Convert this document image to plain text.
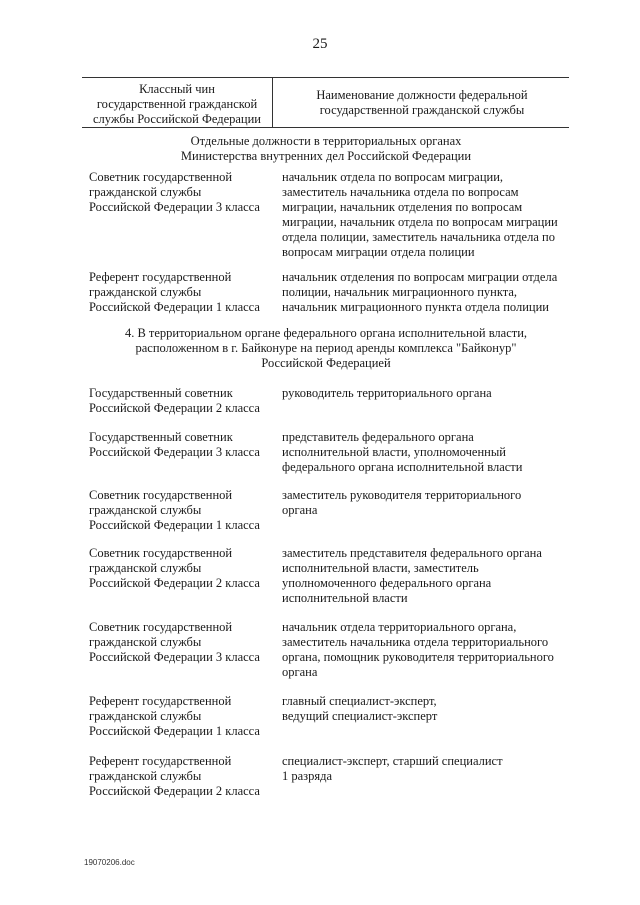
25
Классный чин
государственной гражданской
службы Российской Федерации
Наименование должности федеральной
государственной гражданской службы
Отдельные должности в территориальных органах
Министерства внутренних дел Российской Федерации
Советник государственной
гражданской службы
Российской Федерации 3 класса
начальник отдела по вопросам миграции,
заместитель начальника отдела по вопросам
миграции, начальник отделения по вопросам
миграции, начальник отдела по вопросам миграции
отдела полиции, заместитель начальника отдела по
вопросам миграции отдела полиции
Референт государственной
гражданской службы
Российской Федерации 1 класса
начальник отделения по вопросам миграции отдела
полиции, начальник миграционного пункта,
начальник миграционного пункта отдела полиции
4. В территориальном органе федерального органа исполнительной власти,
расположенном в г. Байконуре на период аренды комплекса "Байконур"
Российской Федерацией
Государственный советник
Российской Федерации 2 класса
руководитель территориального органа
Государственный советник
Российской Федерации 3 класса
представитель федерального органа
исполнительной власти, уполномоченный
федерального органа исполнительной власти
Советник государственной
гражданской службы
Российской Федерации 1 класса
заместитель руководителя территориального
органа
Советник государственной
гражданской службы
Российской Федерации 2 класса
заместитель представителя федерального органа
исполнительной власти, заместитель
уполномоченного федерального органа
исполнительной власти
Советник государственной
гражданской службы
Российской Федерации 3 класса
начальник отдела территориального органа,
заместитель начальника отдела территориального
органа, помощник руководителя территориального
органа
Референт государственной
гражданской службы
Российской Федерации 1 класса
главный специалист-эксперт,
ведущий специалист-эксперт
Референт государственной
гражданской службы
Российской Федерации 2 класса
специалист-эксперт, старший специалист
1 разряда
19070206.doc
